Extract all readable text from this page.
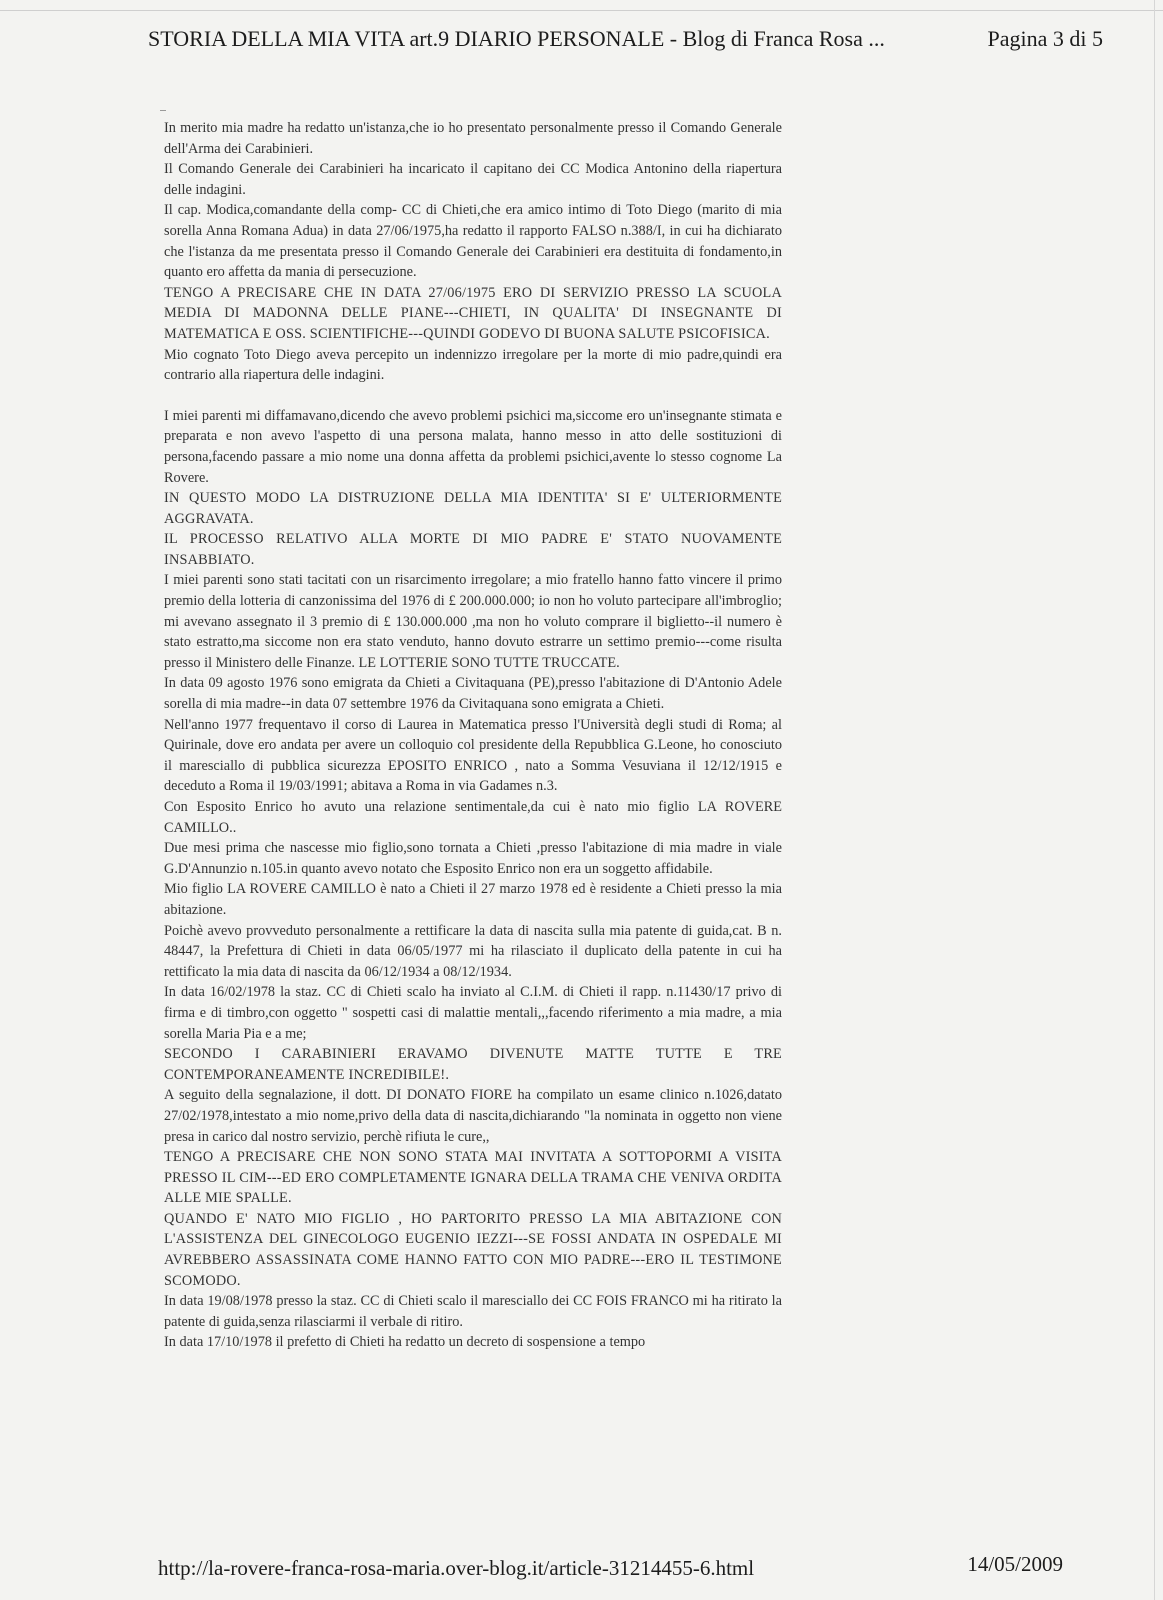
STORIA DELLA MIA VITA art.9 DIARIO PERSONALE - Blog di Franca Rosa ...	Pagina 3 di 5

In merito mia madre ha redatto un'istanza,che io ho presentato personalmente presso il Comando Generale dell'Arma dei Carabinieri.

Il Comando Generale dei Carabinieri ha incaricato il capitano dei CC Modica Antonino della riapertura delle indagini.

Il cap. Modica,comandante della comp- CC di Chieti,che era amico intimo di Toto Diego (marito di mia sorella Anna Romana Adua) in data 27/06/1975,ha redatto il rapporto FALSO n.388/I, in cui ha dichiarato che l'istanza da me presentata presso il Comando Generale dei Carabinieri era destituita di fondamento,in quanto ero affetta da mania di persecuzione.

TENGO A PRECISARE CHE IN DATA 27/06/1975 ERO DI SERVIZIO PRESSO LA SCUOLA MEDIA DI MADONNA DELLE PIANE---CHIETI, IN QUALITA' DI INSEGNANTE DI MATEMATICA E OSS. SCIENTIFICHE---QUINDI GODEVO DI BUONA SALUTE PSICOFISICA.

Mio cognato Toto Diego aveva percepito un indennizzo irregolare per la morte di mio padre,quindi era contrario alla riapertura delle indagini.

I miei parenti mi diffamavano,dicendo che avevo problemi psichici ma,siccome ero un'insegnante stimata e preparata e non avevo l'aspetto di una persona malata, hanno messo in atto delle sostituzioni di persona,facendo passare a mio nome una donna affetta da problemi psichici,avente lo stesso cognome La Rovere.

IN QUESTO MODO LA DISTRUZIONE DELLA MIA IDENTITA' SI E' ULTERIORMENTE AGGRAVATA.

IL PROCESSO RELATIVO ALLA MORTE DI MIO PADRE E' STATO NUOVAMENTE INSABBIATO.

I miei parenti sono stati tacitati con un risarcimento irregolare; a mio fratello hanno fatto vincere il primo premio della lotteria di canzonissima del 1976 di £ 200.000.000; io non ho voluto partecipare all'imbroglio; mi avevano assegnato il 3 premio di £ 130.000.000 ,ma non ho voluto comprare il biglietto--il numero è stato estratto,ma siccome non era stato venduto, hanno dovuto estrarre un settimo premio---come risulta presso il Ministero delle Finanze. LE LOTTERIE SONO TUTTE TRUCCATE.

In data 09 agosto 1976 sono emigrata da Chieti a Civitaquana (PE),presso l'abitazione di D'Antonio Adele sorella di mia madre--in data 07 settembre 1976 da Civitaquana sono emigrata a Chieti.

Nell'anno 1977 frequentavo il corso di Laurea in Matematica presso l'Università degli studi di Roma; al Quirinale, dove ero andata per avere un colloquio col presidente della Repubblica G.Leone, ho conosciuto il maresciallo di pubblica sicurezza EPOSITO ENRICO , nato a Somma Vesuviana il 12/12/1915 e deceduto a Roma il 19/03/1991; abitava a Roma in via Gadames n.3.

Con Esposito Enrico ho avuto una relazione sentimentale,da cui è nato mio figlio LA ROVERE CAMILLO..

Due mesi prima che nascesse mio figlio,sono tornata a Chieti ,presso l'abitazione di mia madre in viale G.D'Annunzio n.105.in quanto avevo notato che Esposito Enrico non era un soggetto affidabile.

Mio figlio LA ROVERE CAMILLO è nato a Chieti il 27 marzo 1978 ed è residente a Chieti presso la mia abitazione.

Poichè avevo provveduto personalmente a rettificare la data di nascita sulla mia patente di guida,cat. B n. 48447, la Prefettura di Chieti in data 06/05/1977 mi ha rilasciato il duplicato della patente in cui ha rettificato la mia data di nascita da 06/12/1934 a 08/12/1934.

In data 16/02/1978 la staz. CC di Chieti scalo ha inviato al C.I.M. di Chieti il rapp. n.11430/17 privo di firma e di timbro,con oggetto " sospetti casi di malattie mentali,,,facendo riferimento a mia madre, a mia sorella Maria Pia e a me;

SECONDO I CARABINIERI ERAVAMO DIVENUTE MATTE TUTTE E TRE CONTEMPORANEAMENTE INCREDIBILE!.

A seguito della segnalazione, il dott. DI DONATO FIORE ha compilato un esame clinico n.1026,datato 27/02/1978,intestato a mio nome,privo della data di nascita,dichiarando "la nominata in oggetto non viene presa in carico dal nostro servizio, perchè rifiuta le cure,,

TENGO A PRECISARE CHE NON SONO STATA MAI INVITATA A SOTTOPORMI A VISITA PRESSO IL CIM---ED ERO COMPLETAMENTE IGNARA DELLA TRAMA CHE VENIVA ORDITA ALLE MIE SPALLE.

QUANDO E' NATO MIO FIGLIO , HO PARTORITO PRESSO LA MIA ABITAZIONE CON L'ASSISTENZA DEL GINECOLOGO EUGENIO IEZZI---SE FOSSI ANDATA IN OSPEDALE MI AVREBBERO ASSASSINATA COME HANNO FATTO CON MIO PADRE---ERO IL TESTIMONE SCOMODO.

In data 19/08/1978 presso la staz. CC di Chieti scalo il maresciallo dei CC FOIS FRANCO mi ha ritirato la patente di guida,senza rilasciarmi il verbale di ritiro.

In data 17/10/1978 il prefetto di Chieti ha redatto un decreto di sospensione a tempo

http://la-rovere-franca-rosa-maria.over-blog.it/article-31214455-6.html	14/05/2009
